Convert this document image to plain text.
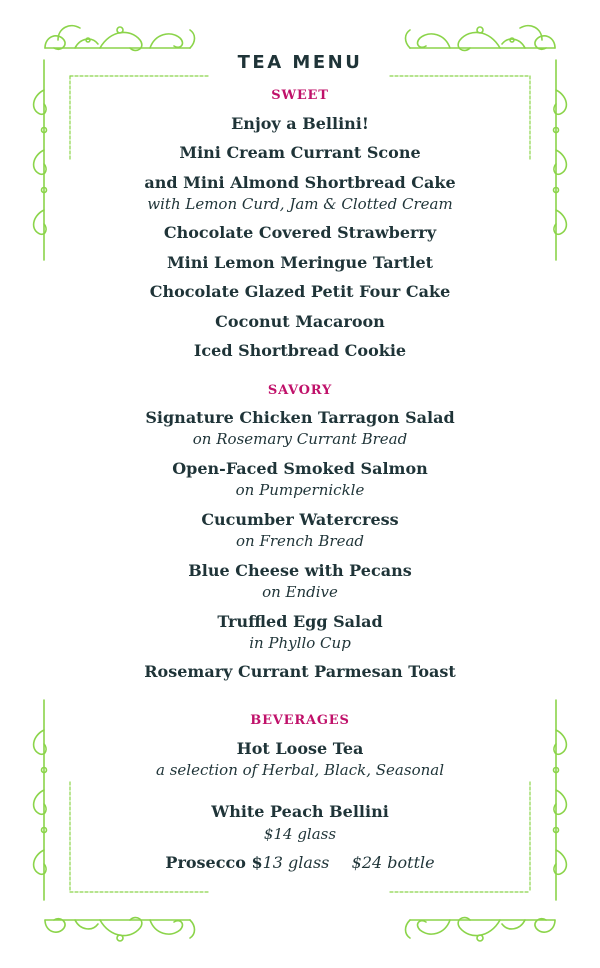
TEA MENU
SWEET
Enjoy a Bellini!
Mini Cream Currant Scone
and Mini Almond Shortbread Cake
with Lemon Curd, Jam & Clotted Cream
Chocolate Covered Strawberry
Mini Lemon Meringue Tartlet
Chocolate Glazed Petit Four Cake
Coconut Macaroon
Iced Shortbread Cookie
SAVORY
Signature Chicken Tarragon Salad
on Rosemary Currant Bread
Open-Faced Smoked Salmon
on Pumpernickle
Cucumber Watercress
on French Bread
Blue Cheese with Pecans
on Endive
Truffled Egg Salad
in Phyllo Cup
Rosemary Currant Parmesan Toast
BEVERAGES
Hot Loose Tea
a selection of Herbal, Black, Seasonal
White Peach Bellini
$14 glass
Prosecco $13 glass $24 bottle
